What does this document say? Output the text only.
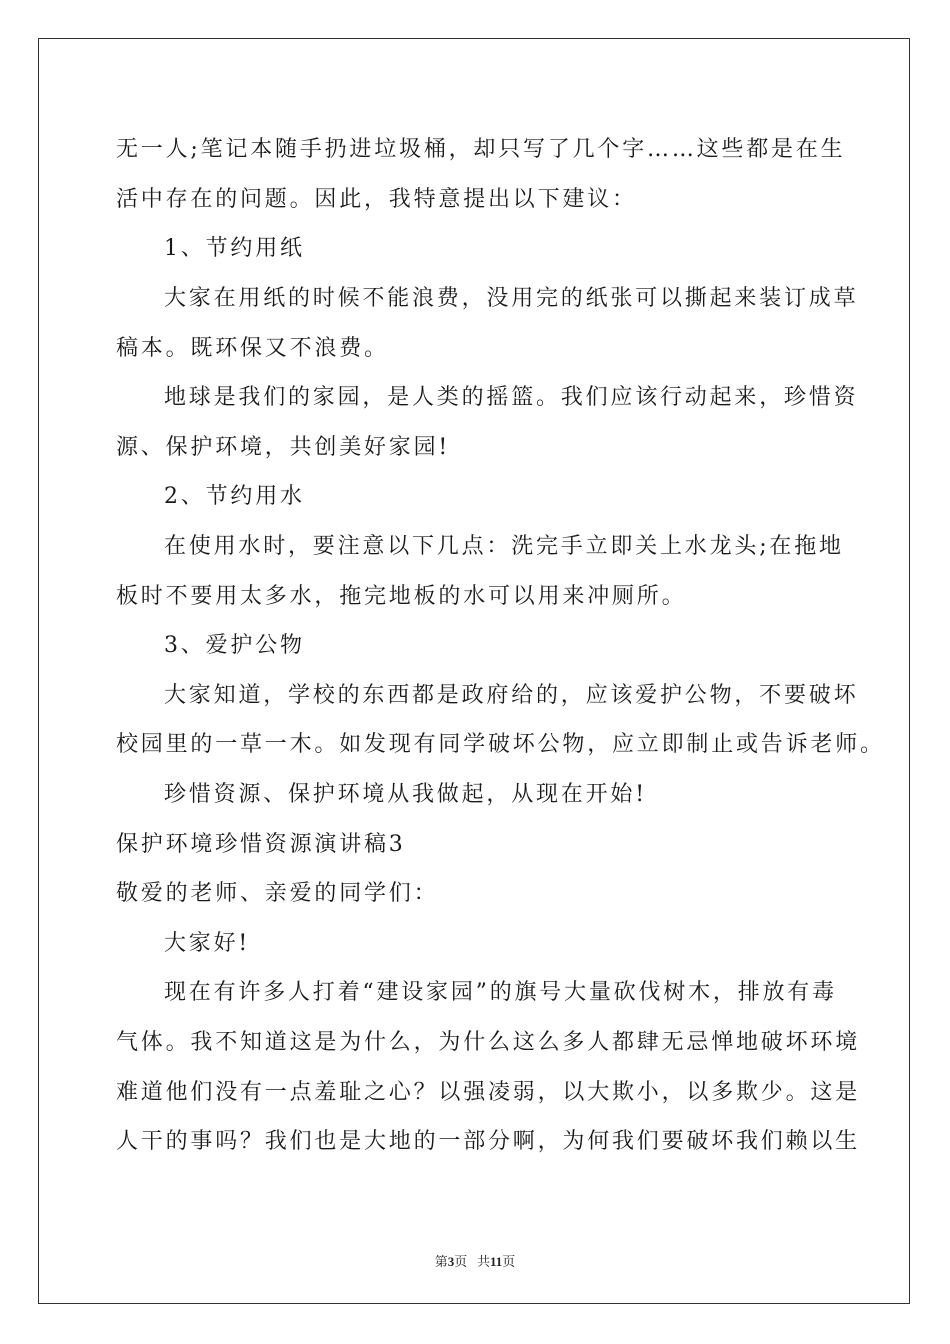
无一人;笔记本随手扔进垃圾桶，却只写了几个字……这些都是在生
活中存在的问题。因此，我特意提出以下建议：
1、节约用纸
大家在用纸的时候不能浪费，没用完的纸张可以撕起来装订成草
稿本。既环保又不浪费。
地球是我们的家园，是人类的摇篮。我们应该行动起来，珍惜资
源、保护环境，共创美好家园!
2、节约用水
在使用水时，要注意以下几点：洗完手立即关上水龙头;在拖地
板时不要用太多水，拖完地板的水可以用来冲厕所。
3、爱护公物
大家知道，学校的东西都是政府给的，应该爱护公物，不要破坏
校园里的一草一木。如发现有同学破坏公物，应立即制止或告诉老师。
珍惜资源、保护环境从我做起，从现在开始!
保护环境珍惜资源演讲稿3
敬爱的老师、亲爱的同学们：
大家好!
现在有许多人打着“建设家园”的旗号大量砍伐树木，排放有毒
气体。我不知道这是为什么，为什么这么多人都肆无忌惮地破坏环境
难道他们没有一点羞耻之心？以强凌弱，以大欺小，以多欺少。这是
人干的事吗？我们也是大地的一部分啊，为何我们要破坏我们赖以生
第3页 共11页
